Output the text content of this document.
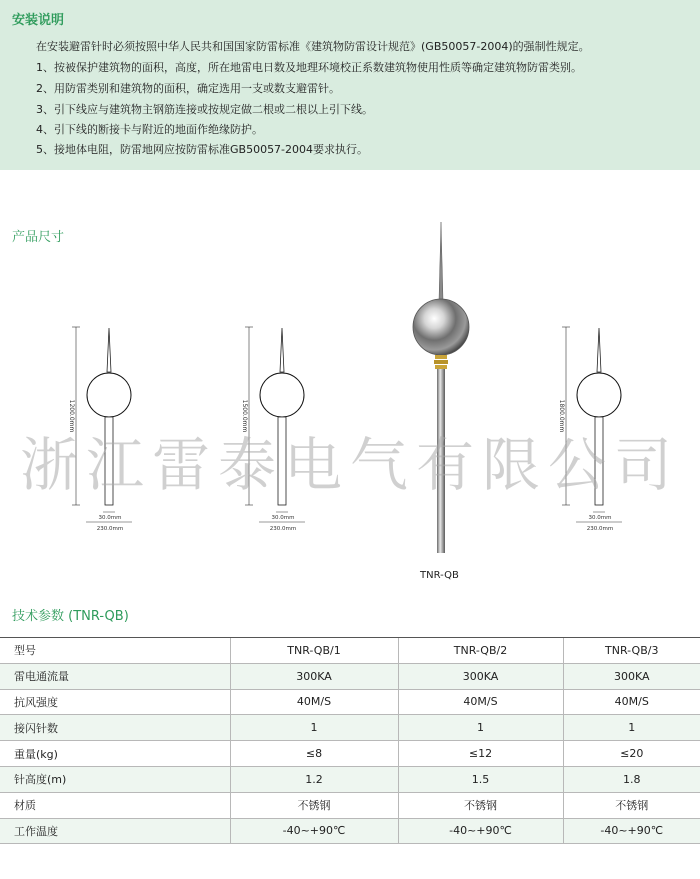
安装说明
在安装避雷针时必须按照中华人民共和国国家防雷标准《建筑物防雷设计规范》(GB50057-2004)的强制性规定。
1、按被保护建筑物的面积，高度，所在地雷电日数及地理环境校正系数建筑物使用性质等确定建筑物防雷类别。
2、用防雷类别和建筑物的面积，确定选用一支或数支避雷针。
3、引下线应与建筑物主钢筋连接或按规定做二根或二根以上引下线。
4、引下线的断接卡与附近的地面作绝缘防护。
5、接地体电阻，防雷地网应按防雷标准GB50057-2004要求执行。
产品尺寸
1200.0mm
30.0mm
230.0mm
1500.0mm
30.0mm
230.0mm
1800.0mm
30.0mm
230.0mm
浙江雷泰电气有限公司
TNR-QB
技术参数 (TNR-QB)
型号	TNR-QB/1	TNR-QB/2	TNR-QB/3
雷电通流量	300KA	300KA	300KA
抗风强度	40M/S	40M/S	40M/S
接闪针数	1	1	1
重量(kg)	≤8	≤12	≤20
针高度(m)	1.2	1.5	1.8
材质	不锈钢	不锈钢	不锈钢
工作温度	-40~+90℃	-40~+90℃	-40~+90℃
